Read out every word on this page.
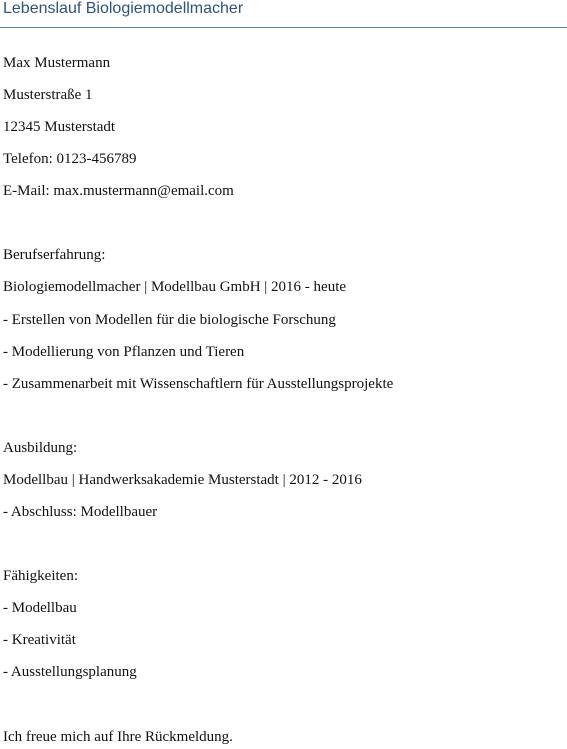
Lebenslauf Biologiemodellmacher
Max Mustermann
Musterstraße 1
12345 Musterstadt
Telefon: 0123-456789
E-Mail: max.mustermann@email.com
Berufserfahrung:
Biologiemodellmacher | Modellbau GmbH | 2016 - heute
- Erstellen von Modellen für die biologische Forschung
- Modellierung von Pflanzen und Tieren
- Zusammenarbeit mit Wissenschaftlern für Ausstellungsprojekte
Ausbildung:
Modellbau | Handwerksakademie Musterstadt | 2012 - 2016
- Abschluss: Modellbauer
Fähigkeiten:
- Modellbau
- Kreativität
- Ausstellungsplanung
Ich freue mich auf Ihre Rückmeldung.
